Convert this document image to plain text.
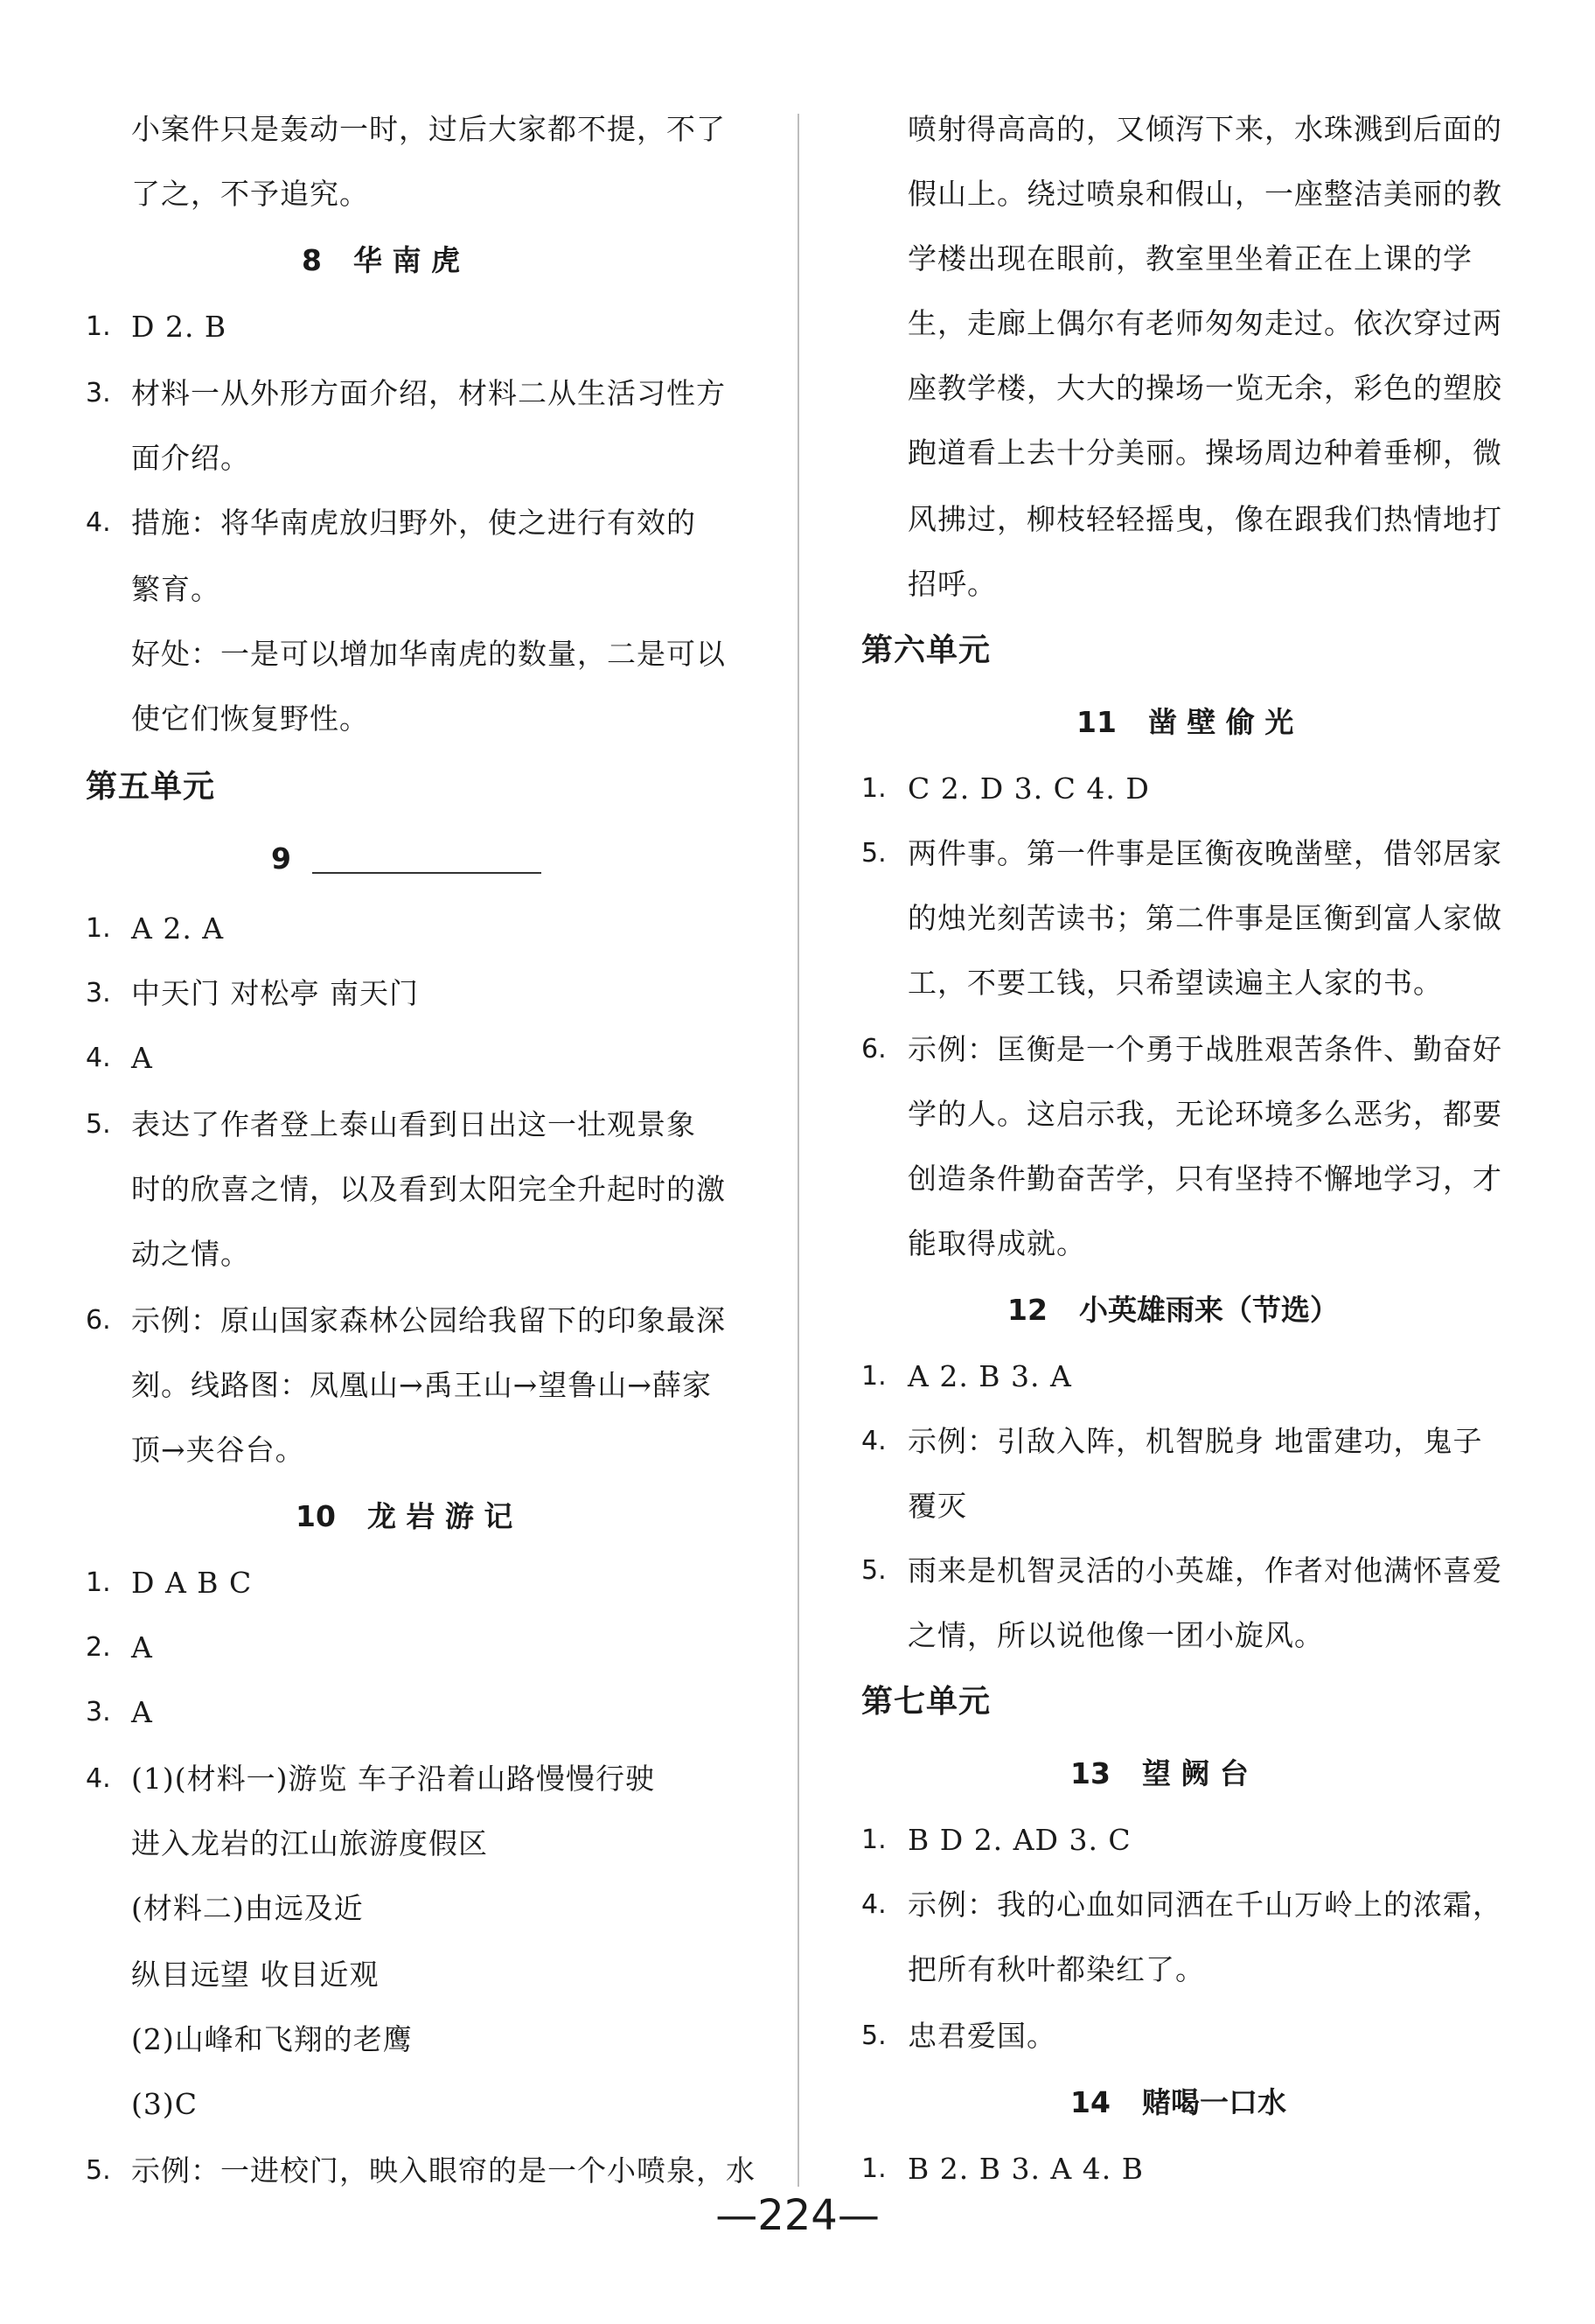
小案件只是轰动一时，过后大家都不提，不了
了之，不予追究。
8 华 南 虎
1. D 2. B
3. 材料一从外形方面介绍，材料二从生活习性方
面介绍。
4. 措施：将华南虎放归野外，使之进行有效的
繁育。
好处：一是可以增加华南虎的数量，二是可以
使它们恢复野性。
第五单元
9
1. A 2. A
3. 中天门 对松亭 南天门
4. A
5. 表达了作者登上泰山看到日出这一壮观景象
时的欣喜之情，以及看到太阳完全升起时的激
动之情。
6. 示例：原山国家森林公园给我留下的印象最深
刻。线路图：凤凰山→禹王山→望鲁山→薛家
顶→夹谷台。
10 龙 岩 游 记
1. D A B C
2. A
3. A
4. (1)(材料一)游览 车子沿着山路慢慢行驶
进入龙岩的江山旅游度假区
(材料二)由远及近
纵目远望 收目近观
(2)山峰和飞翔的老鹰
(3)C
5. 示例：一进校门，映入眼帘的是一个小喷泉，水
喷射得高高的，又倾泻下来，水珠溅到后面的
假山上。绕过喷泉和假山，一座整洁美丽的教
学楼出现在眼前，教室里坐着正在上课的学
生，走廊上偶尔有老师匆匆走过。依次穿过两
座教学楼，大大的操场一览无余，彩色的塑胶
跑道看上去十分美丽。操场周边种着垂柳，微
风拂过，柳枝轻轻摇曳，像在跟我们热情地打
招呼。
第六单元
11 凿 壁 偷 光
1. C 2. D 3. C 4. D
5. 两件事。第一件事是匡衡夜晚凿壁，借邻居家
的烛光刻苦读书；第二件事是匡衡到富人家做
工，不要工钱，只希望读遍主人家的书。
6. 示例：匡衡是一个勇于战胜艰苦条件、勤奋好
学的人。这启示我，无论环境多么恶劣，都要
创造条件勤奋苦学，只有坚持不懈地学习，才
能取得成就。
12 小英雄雨来（节选）
1. A 2. B 3. A
4. 示例：引敌入阵，机智脱身 地雷建功，鬼子
覆灭
5. 雨来是机智灵活的小英雄，作者对他满怀喜爱
之情，所以说他像一团小旋风。
第七单元
13 望 阙 台
1. B D 2. AD 3. C
4. 示例：我的心血如同洒在千山万岭上的浓霜，
把所有秋叶都染红了。
5. 忠君爱国。
14 赌喝一口水
1. B 2. B 3. A 4. B
—224—
